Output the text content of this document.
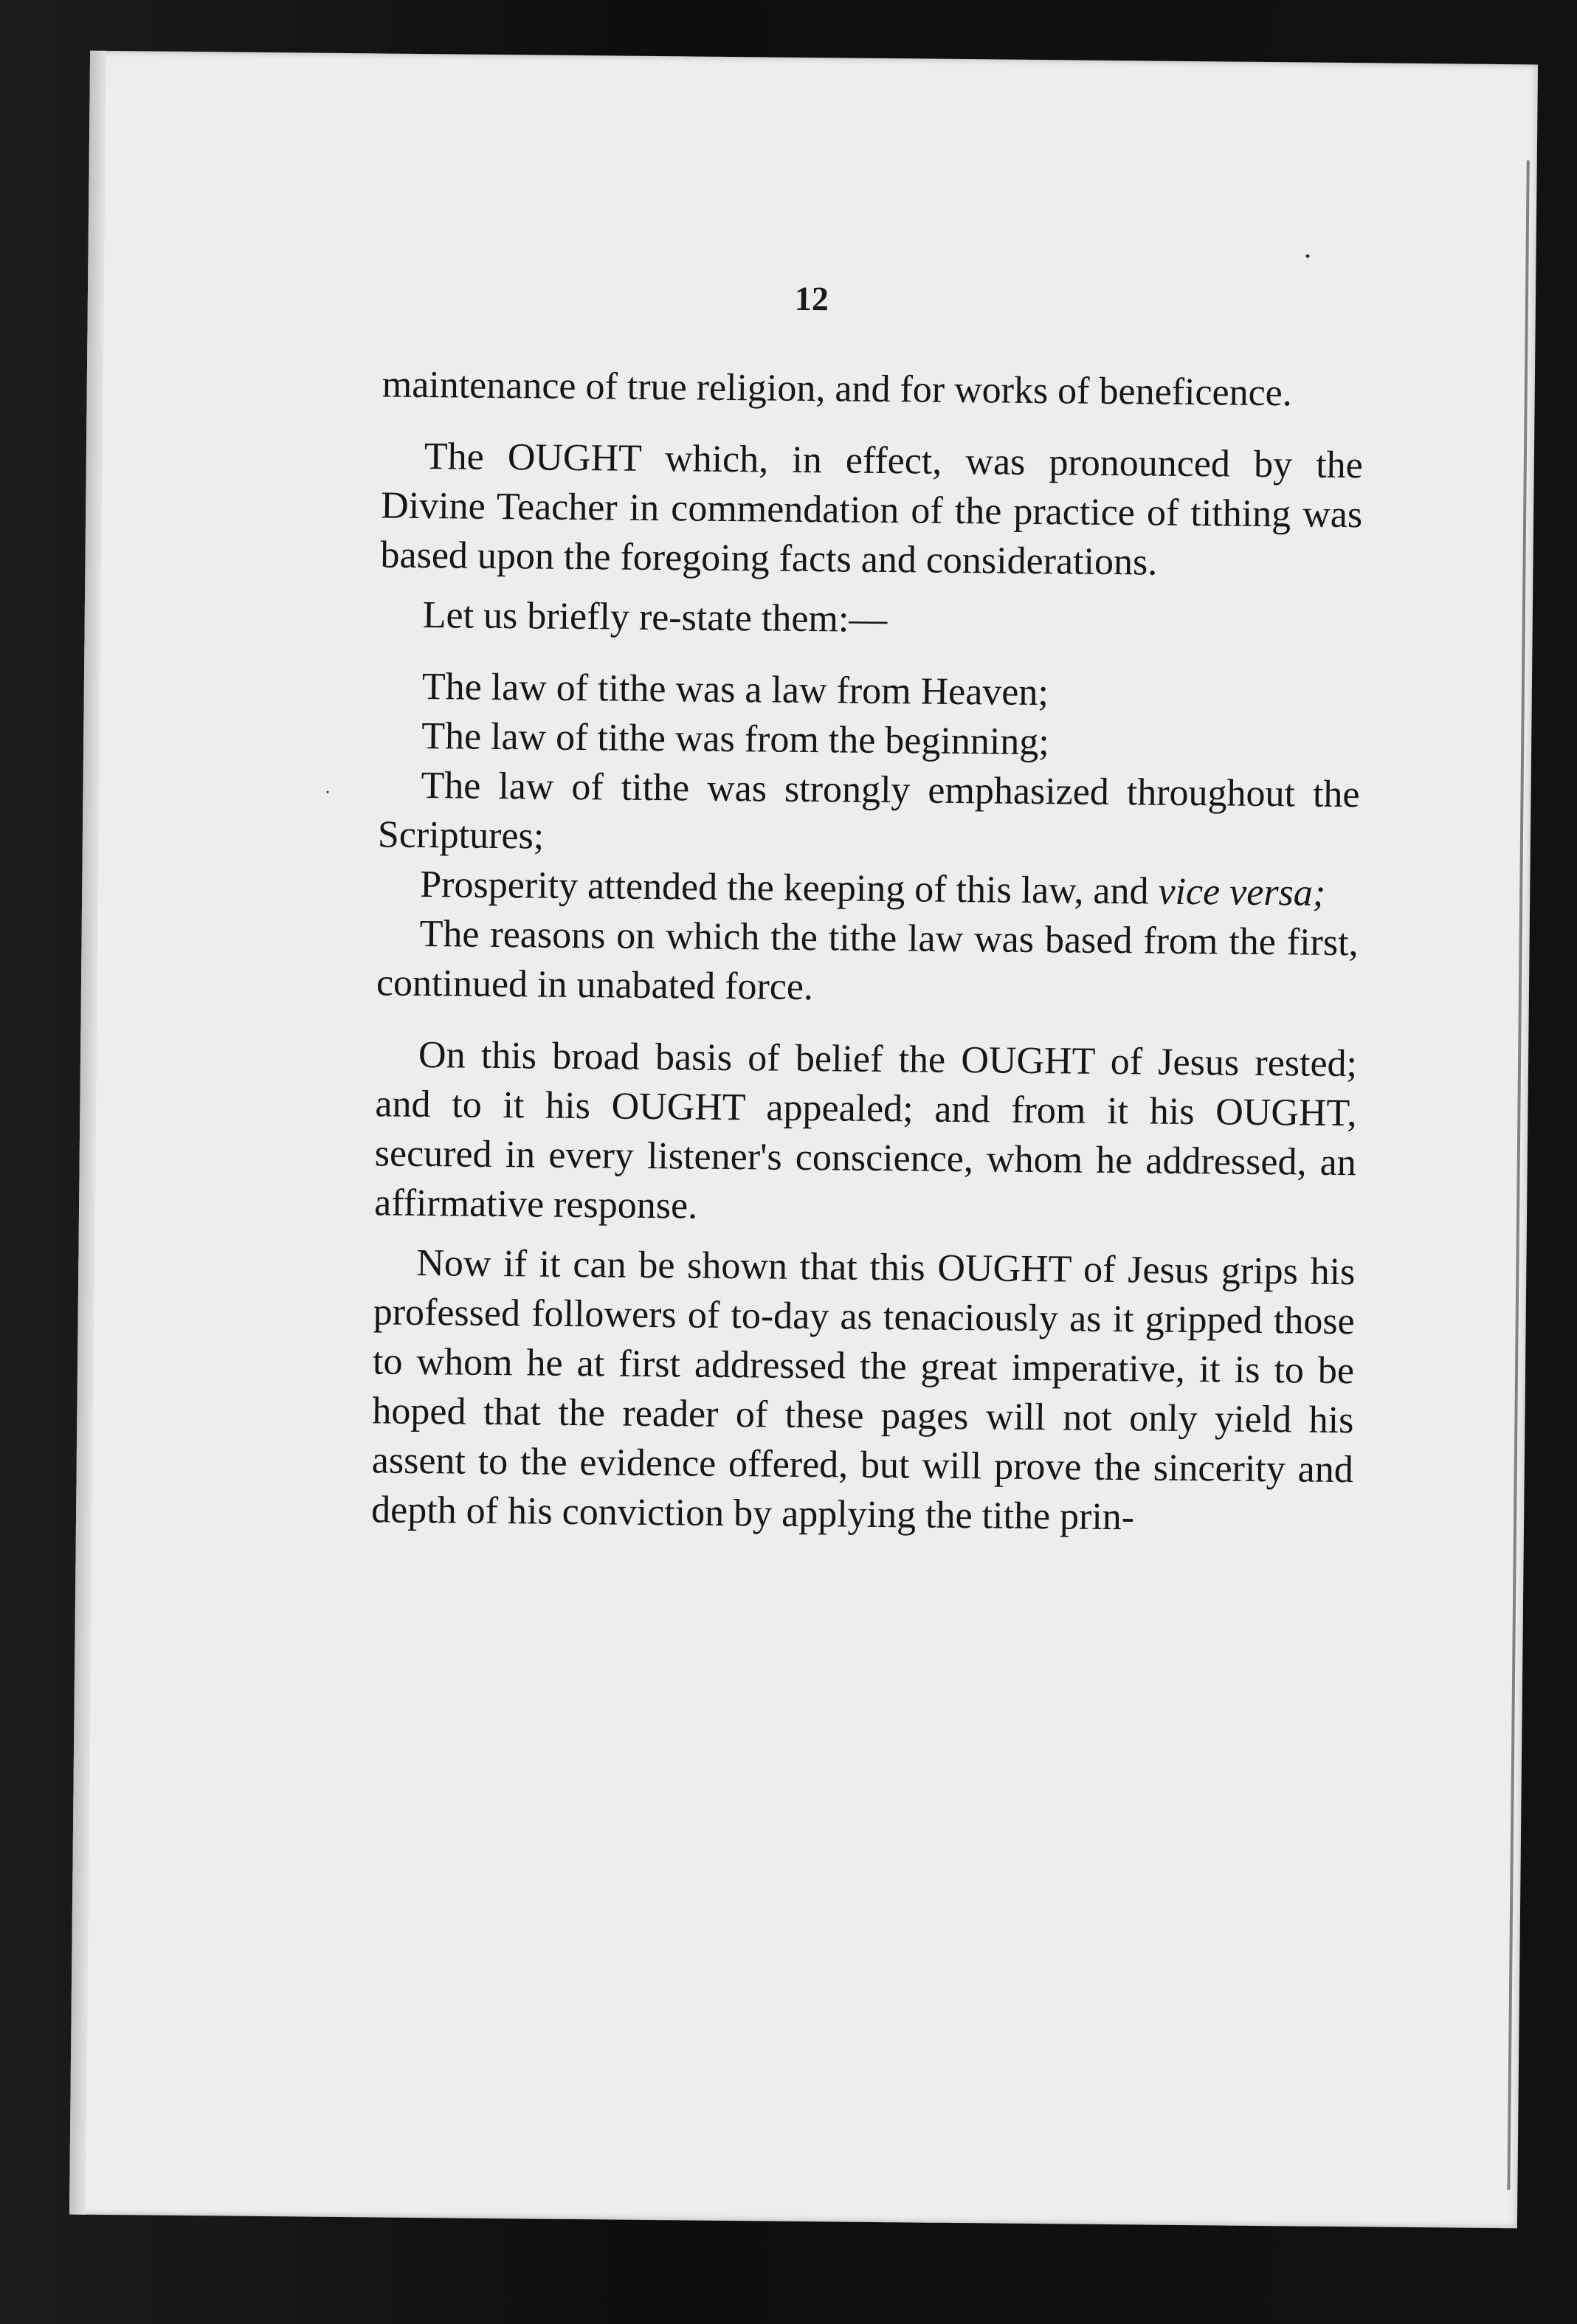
12

maintenance of true religion, and for works of beneficence.

The OUGHT which, in effect, was pronounced by the Divine Teacher in commendation of the practice of tithing was based upon the foregoing facts and considerations.

Let us briefly re-state them:—

The law of tithe was a law from Heaven;

The law of tithe was from the beginning;

The law of tithe was strongly emphasized throughout the Scriptures;

Prosperity attended the keeping of this law, and vice versa;

The reasons on which the tithe law was based from the first, continued in unabated force.

On this broad basis of belief the OUGHT of Jesus rested; and to it his OUGHT appealed; and from it his OUGHT, secured in every listener's conscience, whom he addressed, an affirmative response.

Now if it can be shown that this OUGHT of Jesus grips his professed followers of to-day as tenaciously as it gripped those to whom he at first addressed the great imperative, it is to be hoped that the reader of these pages will not only yield his assent to the evidence offered, but will prove the sincerity and depth of his conviction by applying the tithe prin-
